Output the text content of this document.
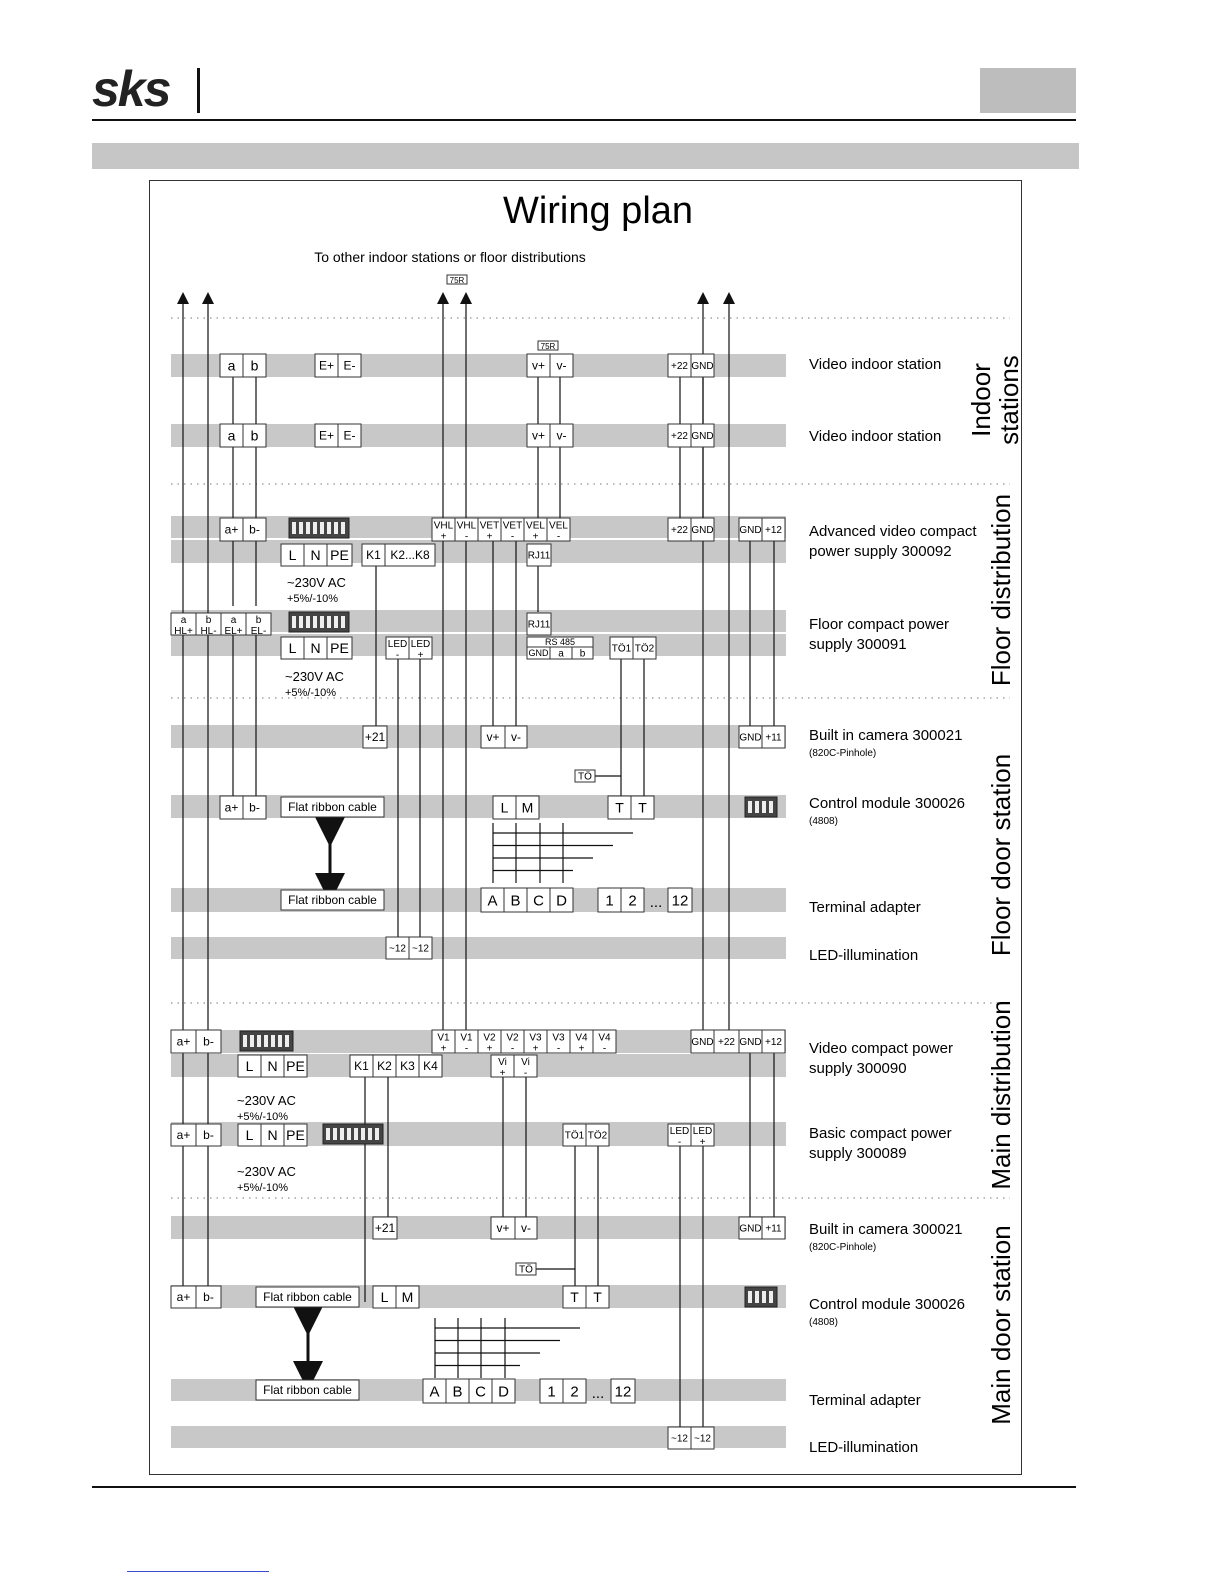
sks
a b	E+ E-	v+ v-	+22 GND
a b	E+ E-	v+ v-	+22 GND
75R
75R
a+ b-
L N PE K1 K2...K8	RJ11
+22 GND	GND +12
VHL
+
VHL
-
VET
+
VET
-
VEL
+
VEL
-
a
HL+
b
HL-
a
EL+
b
EL-
L N PE	LED
-
LED
+
RJ11
RS 485
GND a b	TÖ1 TÖ2
+21	v+ v-	GND +11
TÖ
a+ b- Flat ribbon cable	L M	T T
Flat ribbon cable	A B C D	1 2 ... 12
~12 ~12
a+ b-	V1
+
V1
-
V2
+
V2
-
V3
+
V3
-
V4
+
V4
-
GND +22 GND +12
L N PE	K1 K2 K3 K4	Vi
+
Vi
-
a+ b- L N PE	TÖ1 TÖ2	LED
-
LED
+
+21	v+ v-	GND +11
TÖ
a+ b-	Flat ribbon cable L M	T T
Flat ribbon cable	A B C D	1 2 ... 12
~12 ~12
~230V AC
+5%/-10%
~230V AC
+5%/-10%
~230V AC
+5%/-10%
~230V AC
+5%/-10%
Video indoor station
Video indoor station
Advanced video compact
power supply 300092
Floor compact power
supply 300091
Built in camera 300021
(820C-Pinhole)
Control module 300026
(4808)
Terminal adapter
LED-illumination
Video compact power
supply 300090
Basic compact power
supply 300089
Built in camera 300021
(820C-Pinhole)
Control module 300026
(4808)
Terminal adapter
LED-illumination
Indoor
stations
Floor distribution
Floor door station
Main distribution
Main door station
Wiring plan
To other indoor stations or floor distributions
